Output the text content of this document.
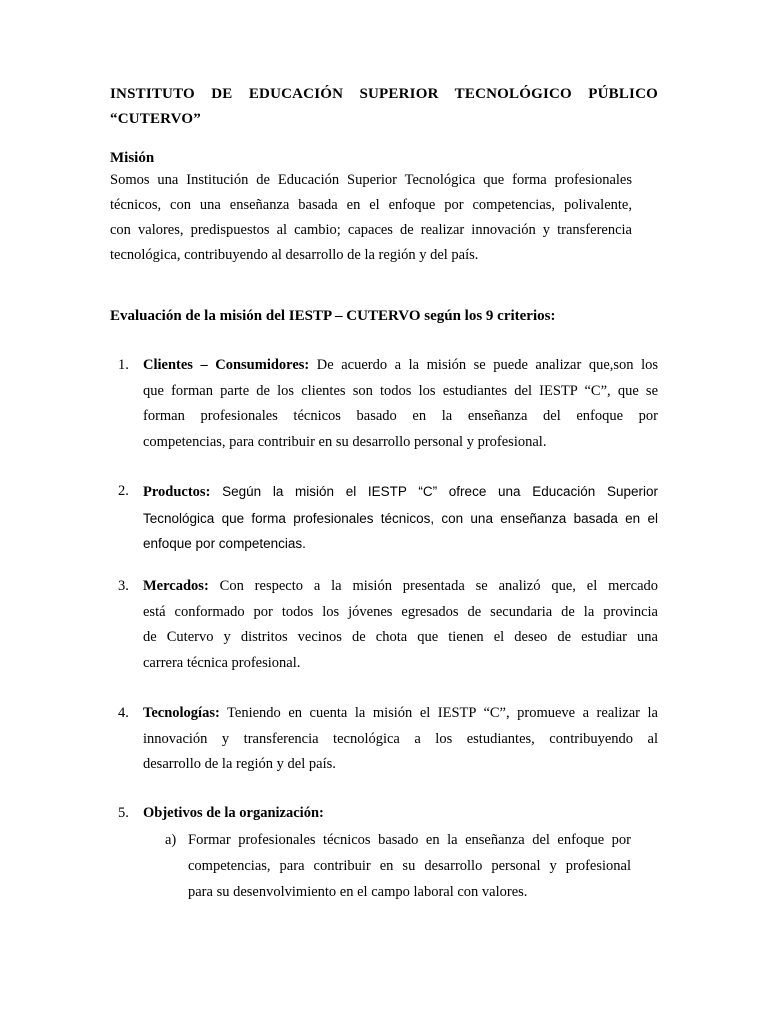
INSTITUTO DE EDUCACIÓN SUPERIOR TECNOLÓGICO PÚBLICO
“CUTERVO”
Misión
Somos una Institución de Educación Superior Tecnológica que forma profesionales
técnicos, con una enseñanza basada en el enfoque por competencias, polivalente,
con valores, predispuestos al cambio; capaces de realizar innovación y transferencia
tecnológica, contribuyendo al desarrollo de la región y del país.
Evaluación de la misión del IESTP – CUTERVO según los 9 criterios:
1. Clientes – Consumidores: De acuerdo a la misión se puede analizar que,son los
que forman parte de los clientes son todos los estudiantes del IESTP “C”, que se
forman profesionales técnicos basado en la enseñanza del enfoque por
competencias, para contribuir en su desarrollo personal y profesional.
2. Productos: Según la misión el IESTP “C” ofrece una Educación Superior
Tecnológica que forma profesionales técnicos, con una enseñanza basada en el
enfoque por competencias.
3. Mercados: Con respecto a la misión presentada se analizó que, el mercado
está conformado por todos los jóvenes egresados de secundaria de la provincia
de Cutervo y distritos vecinos de chota que tienen el deseo de estudiar una
carrera técnica profesional.
4. Tecnologías: Teniendo en cuenta la misión el IESTP “C”, promueve a realizar la
innovación y transferencia tecnológica a los estudiantes, contribuyendo al
desarrollo de la región y del país.
5. Objetivos de la organización:
a) Formar profesionales técnicos basado en la enseñanza del enfoque por
competencias, para contribuir en su desarrollo personal y profesional
para su desenvolvimiento en el campo laboral con valores.
